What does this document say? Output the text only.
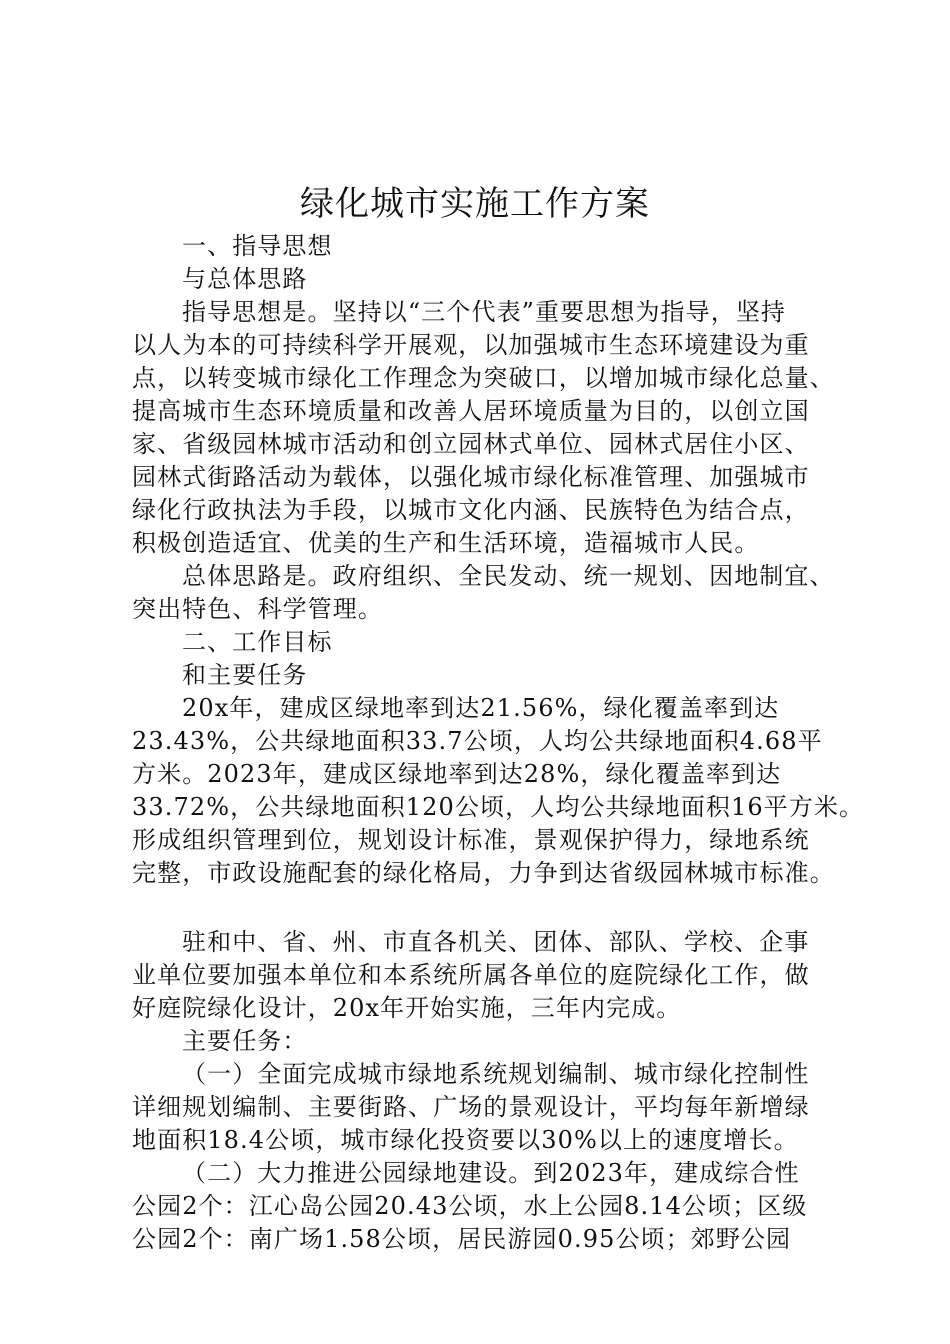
绿化城市实施工作方案
一、指导思想
与总体思路
指导思想是。坚持以“三个代表”重要思想为指导，坚持
以人为本的可持续科学开展观，以加强城市生态环境建设为重
点，以转变城市绿化工作理念为突破口，以增加城市绿化总量、
提高城市生态环境质量和改善人居环境质量为目的，以创立国
家、省级园林城市活动和创立园林式单位、园林式居住小区、
园林式街路活动为载体，以强化城市绿化标准管理、加强城市
绿化行政执法为手段，以城市文化内涵、民族特色为结合点，
积极创造适宜、优美的生产和生活环境，造福城市人民。
总体思路是。政府组织、全民发动、统一规划、因地制宜、
突出特色、科学管理。
二、工作目标
和主要任务
20x年，建成区绿地率到达21.56%，绿化覆盖率到达
23.43%，公共绿地面积33.7公顷，人均公共绿地面积4.68平
方米。2023年，建成区绿地率到达28%，绿化覆盖率到达
33.72%，公共绿地面积120公顷，人均公共绿地面积16平方米。
形成组织管理到位，规划设计标准，景观保护得力，绿地系统
完整，市政设施配套的绿化格局，力争到达省级园林城市标准。
驻和中、省、州、市直各机关、团体、部队、学校、企事
业单位要加强本单位和本系统所属各单位的庭院绿化工作，做
好庭院绿化设计，20x年开始实施，三年内完成。
主要任务：
（一）全面完成城市绿地系统规划编制、城市绿化控制性
详细规划编制、主要街路、广场的景观设计，平均每年新增绿
地面积18.4公顷，城市绿化投资要以30%以上的速度增长。
（二）大力推进公园绿地建设。到2023年，建成综合性
公园2个：江心岛公园20.43公顷，水上公园8.14公顷；区级
公园2个：南广场1.58公顷，居民游园0.95公顷；郊野公园
